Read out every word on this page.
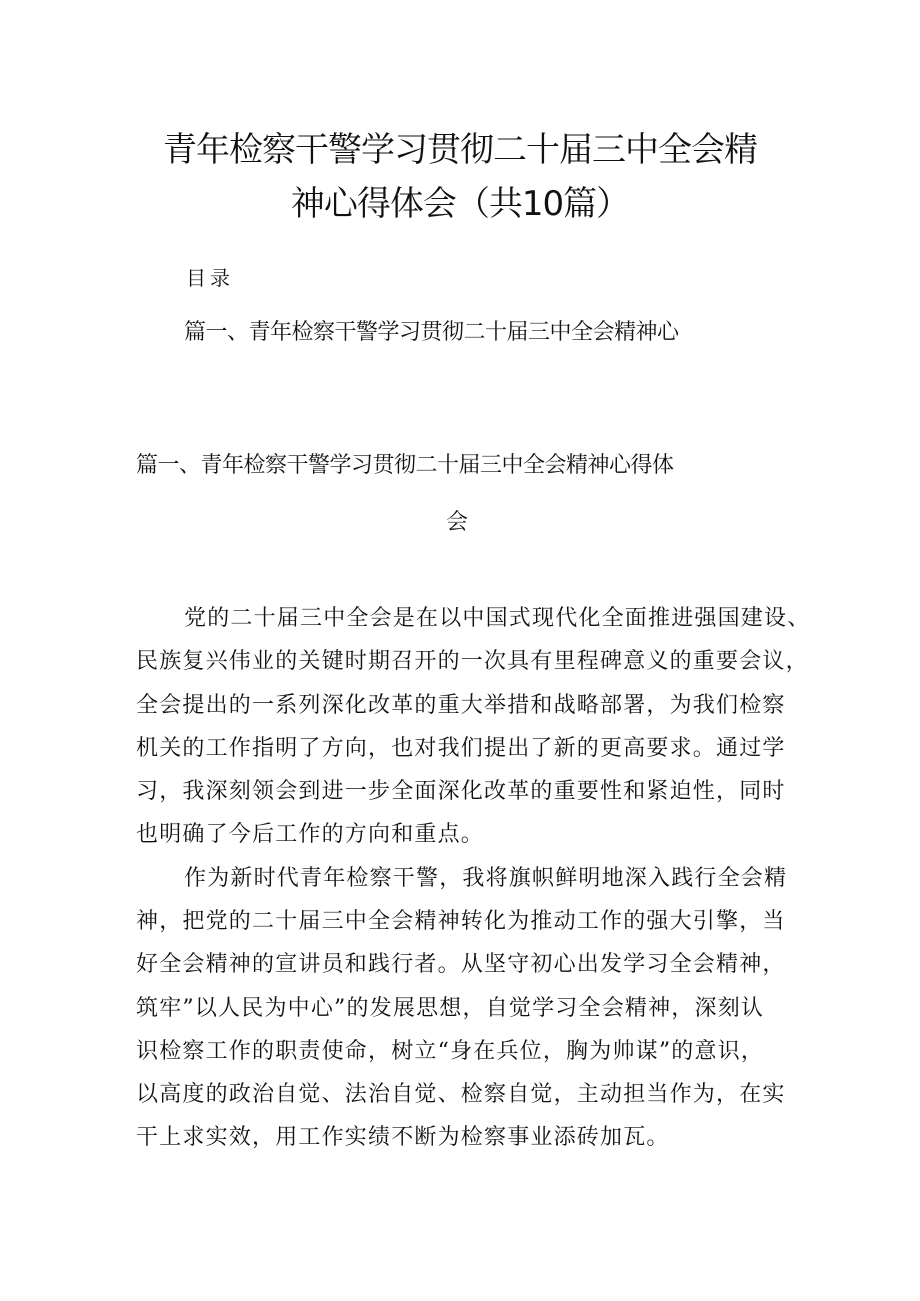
青年检察干警学习贯彻二十届三中全会精
神心得体会（共10篇）
目录
篇一、青年检察干警学习贯彻二十届三中全会精神心
篇一、青年检察干警学习贯彻二十届三中全会精神心得体
会
党的二十届三中全会是在以中国式现代化全面推进强国建设、
民族复兴伟业的关键时期召开的一次具有里程碑意义的重要会议，
全会提出的一系列深化改革的重大举措和战略部署，为我们检察
机关的工作指明了方向，也对我们提出了新的更高要求。通过学
习，我深刻领会到进一步全面深化改革的重要性和紧迫性，同时
也明确了今后工作的方向和重点。
作为新时代青年检察干警，我将旗帜鲜明地深入践行全会精
神，把党的二十届三中全会精神转化为推动工作的强大引擎，当
好全会精神的宣讲员和践行者。从坚守初心出发学习全会精神，
筑牢”以人民为中心”的发展思想，自觉学习全会精神，深刻认
识检察工作的职责使命，树立“身在兵位，胸为帅谋”的意识，
以高度的政治自觉、法治自觉、检察自觉，主动担当作为，在实
干上求实效，用工作实绩不断为检察事业添砖加瓦。
